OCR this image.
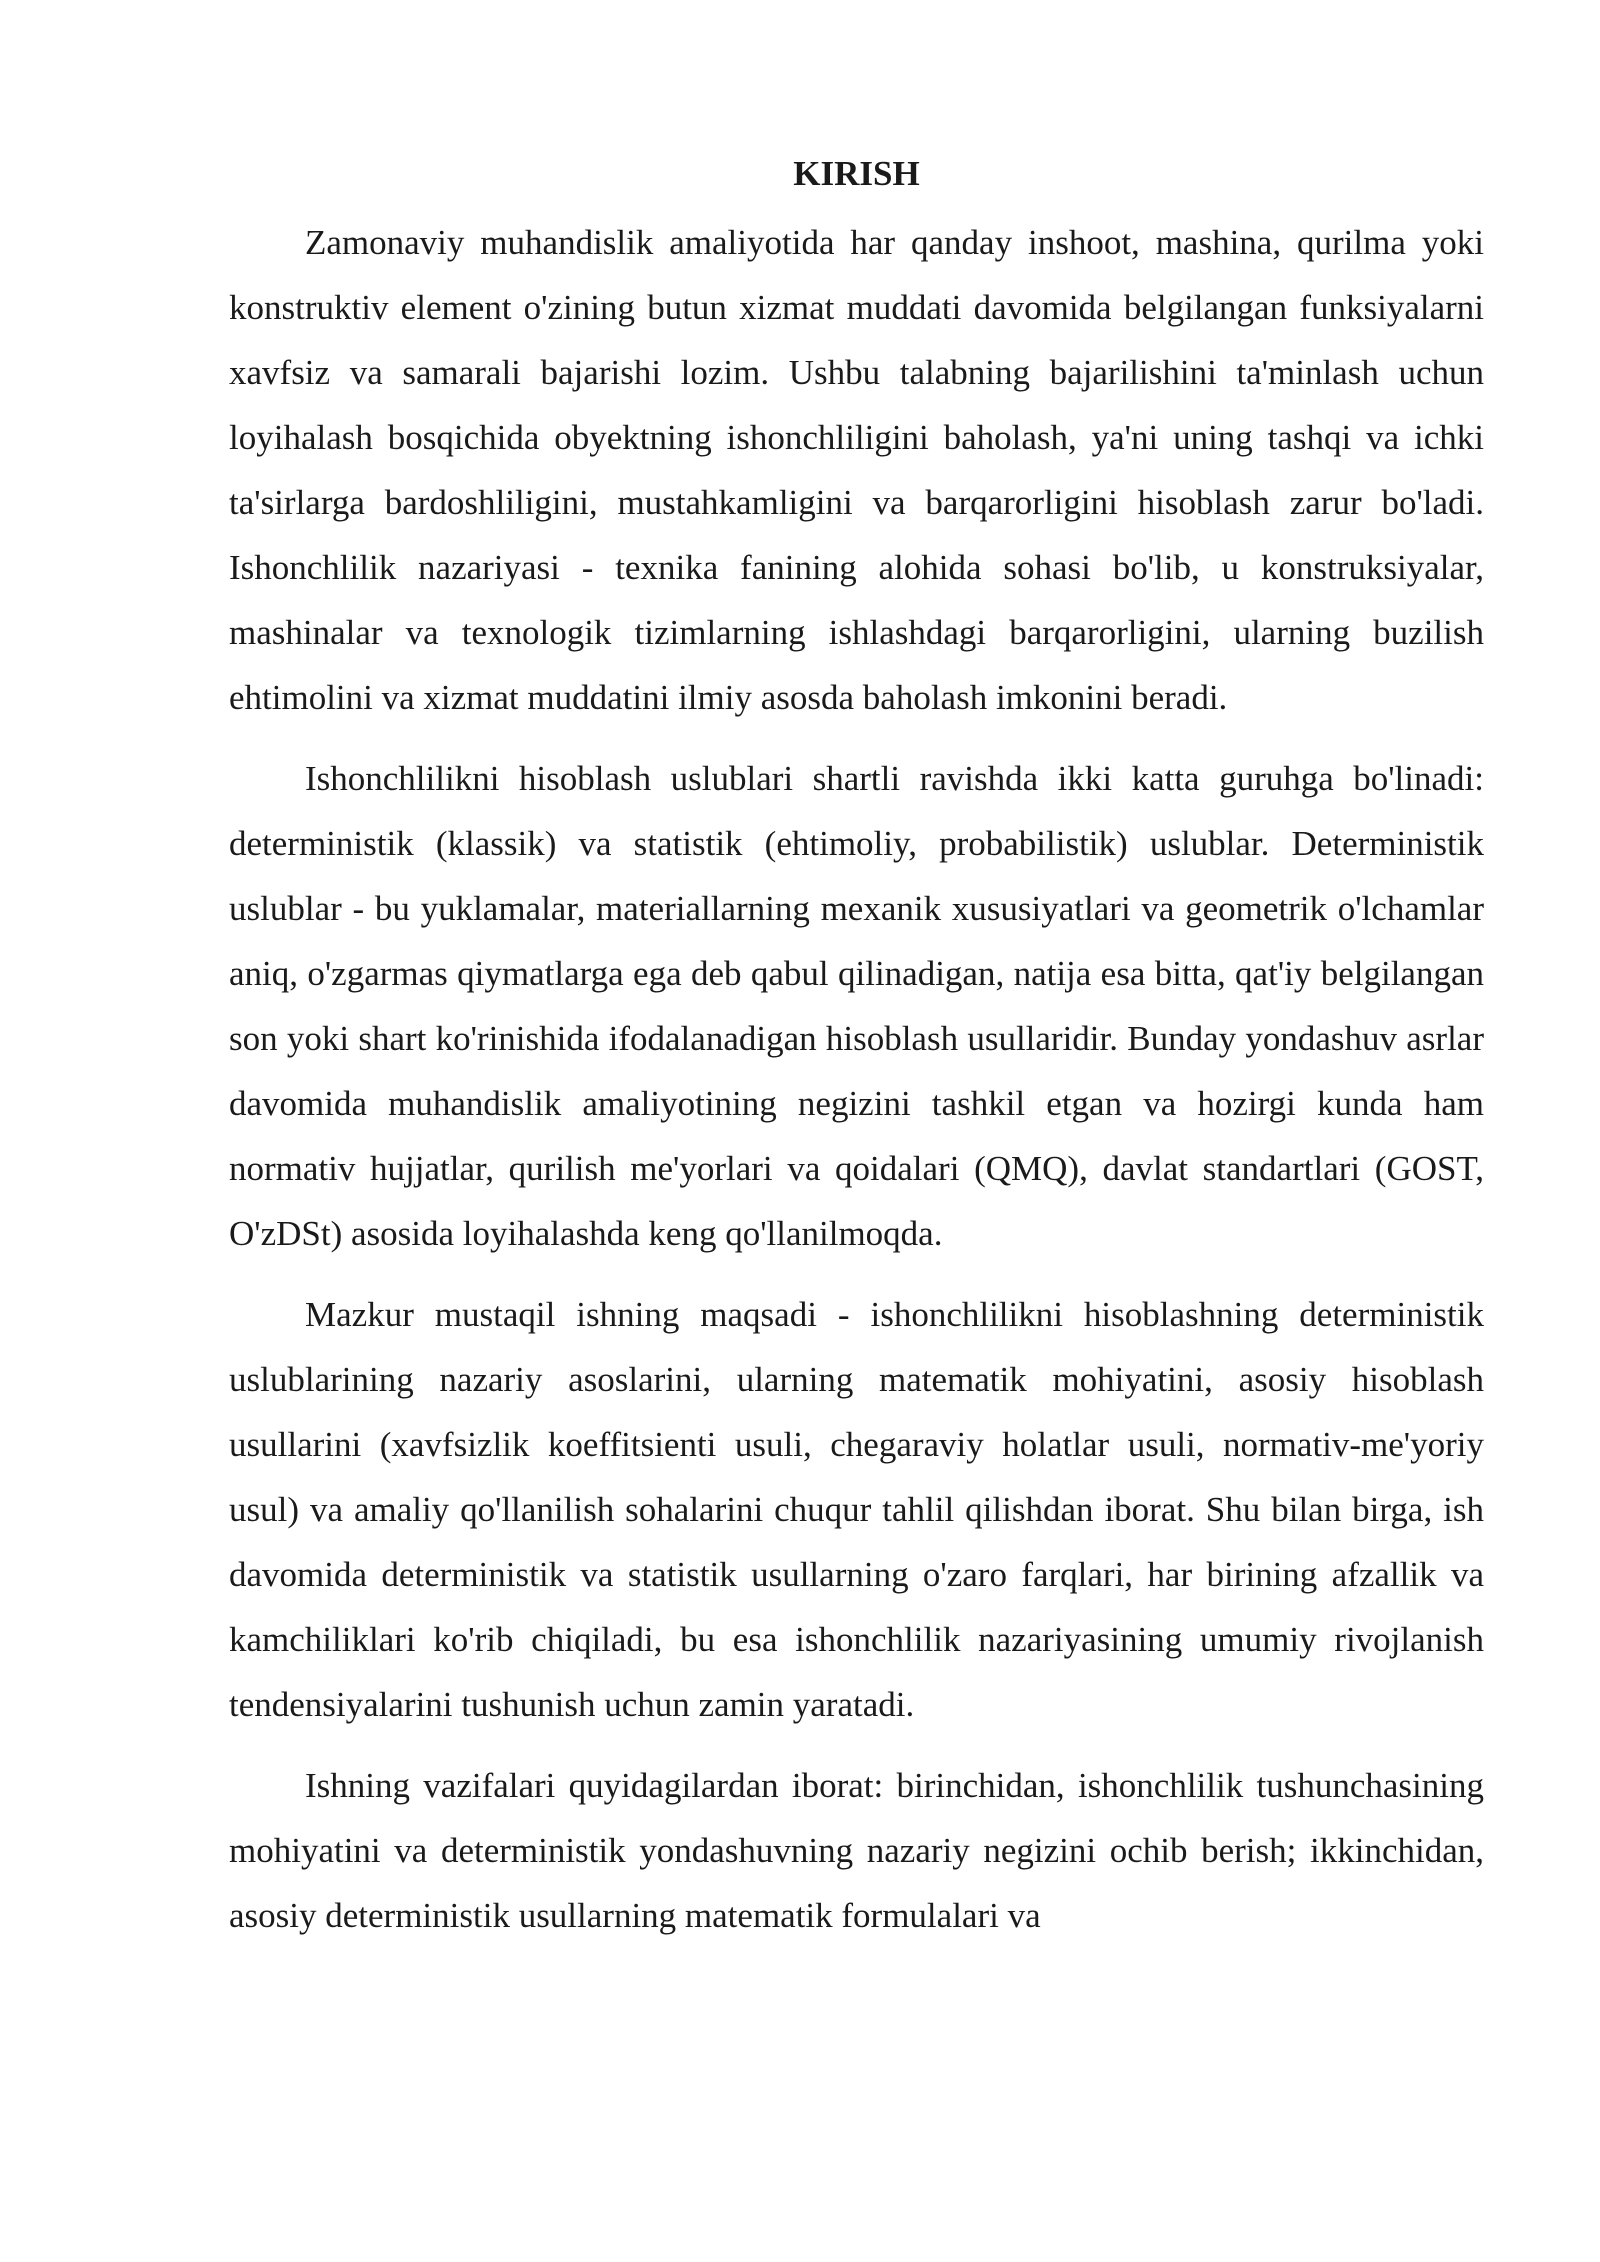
KIRISH

Zamonaviy muhandislik amaliyotida har qanday inshoot, mashina, qurilma yoki konstruktiv element o'zining butun xizmat muddati davomida belgilangan funksiyalarni xavfsiz va samarali bajarishi lozim. Ushbu talabning bajarilishini ta'minlash uchun loyihalash bosqichida obyektning ishonchliligini baholash, ya'ni uning tashqi va ichki ta'sirlarga bardoshliligini, mustahkamligini va barqarorligini hisoblash zarur bo'ladi. Ishonchlilik nazariyasi - texnika fanining alohida sohasi bo'lib, u konstruksiyalar, mashinalar va texnologik tizimlarning ishlashdagi barqarorligini, ularning buzilish ehtimolini va xizmat muddatini ilmiy asosda baholash imkonini beradi.

Ishonchlilikni hisoblash uslublari shartli ravishda ikki katta guruhga bo'linadi: deterministik (klassik) va statistik (ehtimoliy, probabilistik) uslublar. Deterministik uslublar - bu yuklamalar, materiallarning mexanik xususiyatlari va geometrik o'lchamlar aniq, o'zgarmas qiymatlarga ega deb qabul qilinadigan, natija esa bitta, qat'iy belgilangan son yoki shart ko'rinishida ifodalanadigan hisoblash usullaridir. Bunday yondashuv asrlar davomida muhandislik amaliyotining negizini tashkil etgan va hozirgi kunda ham normativ hujjatlar, qurilish me'yorlari va qoidalari (QMQ), davlat standartlari (GOST, O'zDSt) asosida loyihalashda keng qo'llanilmoqda.

Mazkur mustaqil ishning maqsadi - ishonchlilikni hisoblashning deterministik uslublarining nazariy asoslarini, ularning matematik mohiyatini, asosiy hisoblash usullarini (xavfsizlik koeffitsienti usuli, chegaraviy holatlar usuli, normativ-me'yoriy usul) va amaliy qo'llanilish sohalarini chuqur tahlil qilishdan iborat. Shu bilan birga, ish davomida deterministik va statistik usullarning o'zaro farqlari, har birining afzallik va kamchiliklari ko'rib chiqiladi, bu esa ishonchlilik nazariyasining umumiy rivojlanish tendensiyalarini tushunish uchun zamin yaratadi.

Ishning vazifalari quyidagilardan iborat: birinchidan, ishonchlilik tushunchasining mohiyatini va deterministik yondashuvning nazariy negizini ochib berish; ikkinchidan, asosiy deterministik usullarning matematik formulalari va
